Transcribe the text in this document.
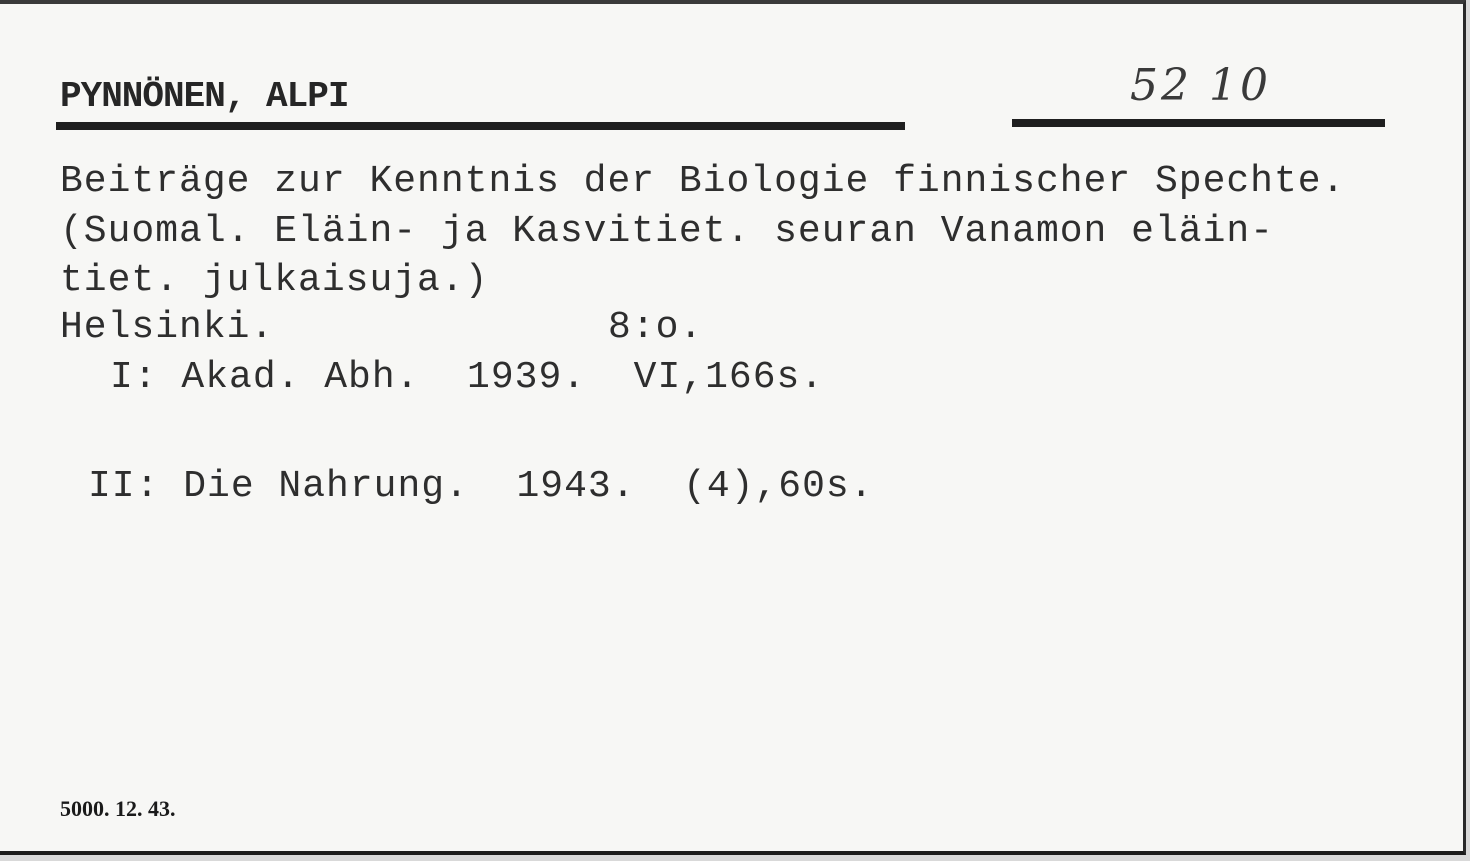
PYNNÖNEN, ALPI	52 10
Beiträge zur Kenntnis der Biologie finnischer Spechte.
(Suomal. Eläin- ja Kasvitiet. seuran Vanamon eläin-
tiet. julkaisuja.)
Helsinki.	8:o.
I: Akad. Abh.  1939.  VI,166s.
II: Die Nahrung.  1943.  (4),60s.
5000. 12. 43.
